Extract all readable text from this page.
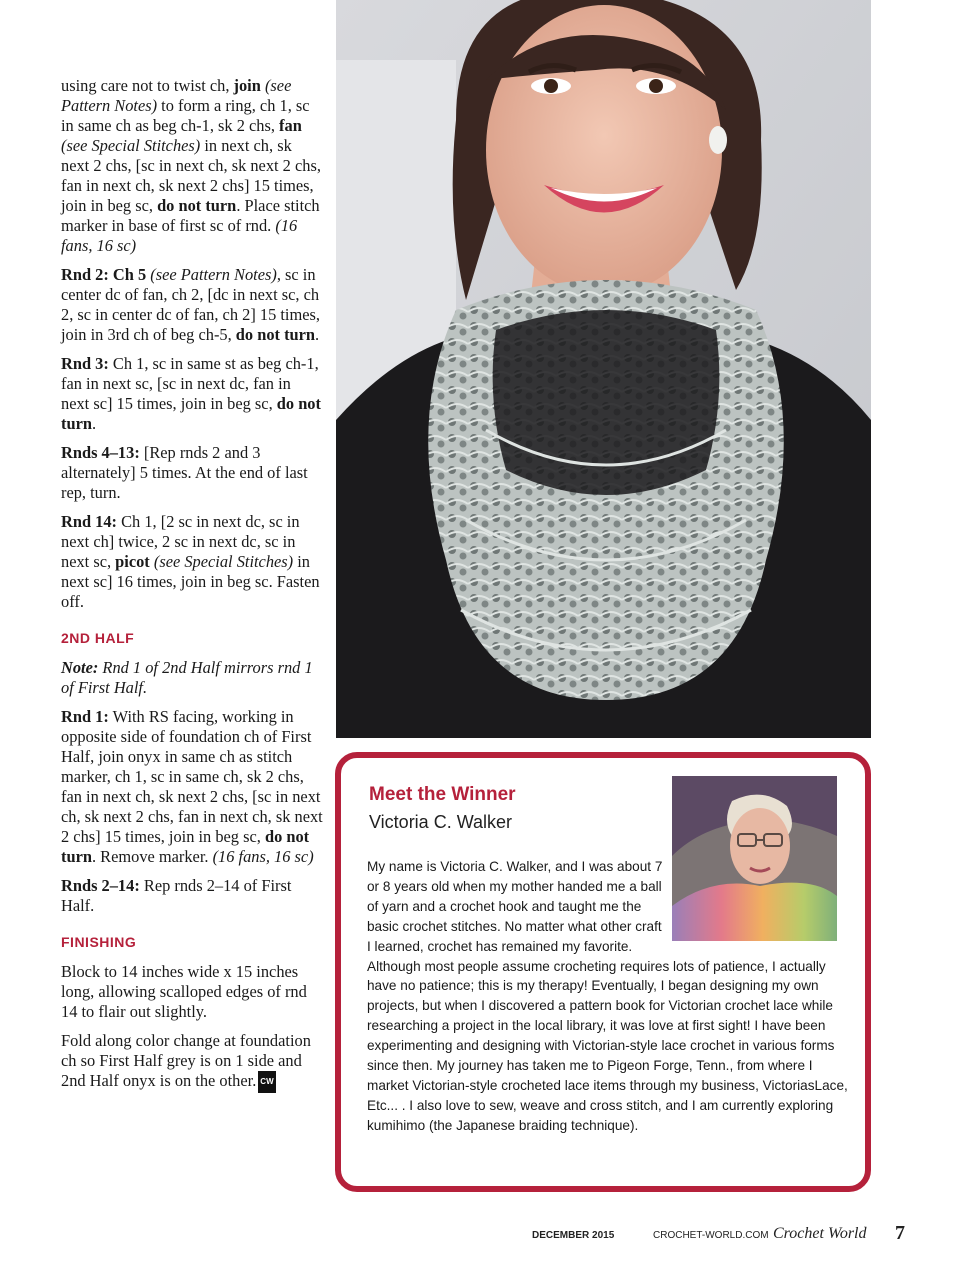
using care not to twist ch, join (see Pattern Notes) to form a ring, ch 1, sc in same ch as beg ch-1, sk 2 chs, fan (see Special Stitches) in next ch, sk next 2 chs, [sc in next ch, sk next 2 chs, fan in next ch, sk next 2 chs] 15 times, join in beg sc, do not turn. Place stitch marker in base of first sc of rnd. (16 fans, 16 sc)

Rnd 2: Ch 5 (see Pattern Notes), sc in center dc of fan, ch 2, [dc in next sc, ch 2, sc in center dc of fan, ch 2] 15 times, join in 3rd ch of beg ch-5, do not turn.

Rnd 3: Ch 1, sc in same st as beg ch-1, fan in next sc, [sc in next dc, fan in next sc] 15 times, join in beg sc, do not turn.

Rnds 4–13: [Rep rnds 2 and 3 alternately] 5 times. At the end of last rep, turn.

Rnd 14: Ch 1, [2 sc in next dc, sc in next ch] twice, 2 sc in next dc, sc in next sc, picot (see Special Stitches) in next sc] 16 times, join in beg sc. Fasten off.

2ND HALF

Note: Rnd 1 of 2nd Half mirrors rnd 1 of First Half.

Rnd 1: With RS facing, working in opposite side of foundation ch of First Half, join onyx in same ch as stitch marker, ch 1, sc in same ch, sk 2 chs, fan in next ch, sk next 2 chs, [sc in next ch, sk next 2 chs, fan in next ch, sk next 2 chs] 15 times, join in beg sc, do not turn. Remove marker. (16 fans, 16 sc)

Rnds 2–14: Rep rnds 2–14 of First Half.

FINISHING

Block to 14 inches wide x 15 inches long, allowing scalloped edges of rnd 14 to flair out slightly.

Fold along color change at foundation ch so First Half grey is on 1 side and 2nd Half onyx is on the other. CW

Meet the Winner
Victoria C. Walker
My name is Victoria C. Walker, and I was about 7 or 8 years old when my mother handed me a ball of yarn and a crochet hook and taught me the basic crochet stitches. No matter what other craft I learned, crochet has remained my favorite.
Although most people assume crocheting requires lots of patience, I actually have no patience; this is my therapy! Eventually, I began designing my own projects, but when I discovered a pattern book for Victorian crochet lace while researching a project in the local library, it was love at first sight! I have been experimenting and designing with Victorian-style lace crochet in various forms since then. My journey has taken me to Pigeon Forge, Tenn., from where I market Victorian-style crocheted lace items through my business, VictoriasLace, Etc... . I also love to sew, weave and cross stitch, and I am currently exploring kumihimo (the Japanese braiding technique).
DECEMBER 2015	CROCHET-WORLD.COM Crochet World 7
